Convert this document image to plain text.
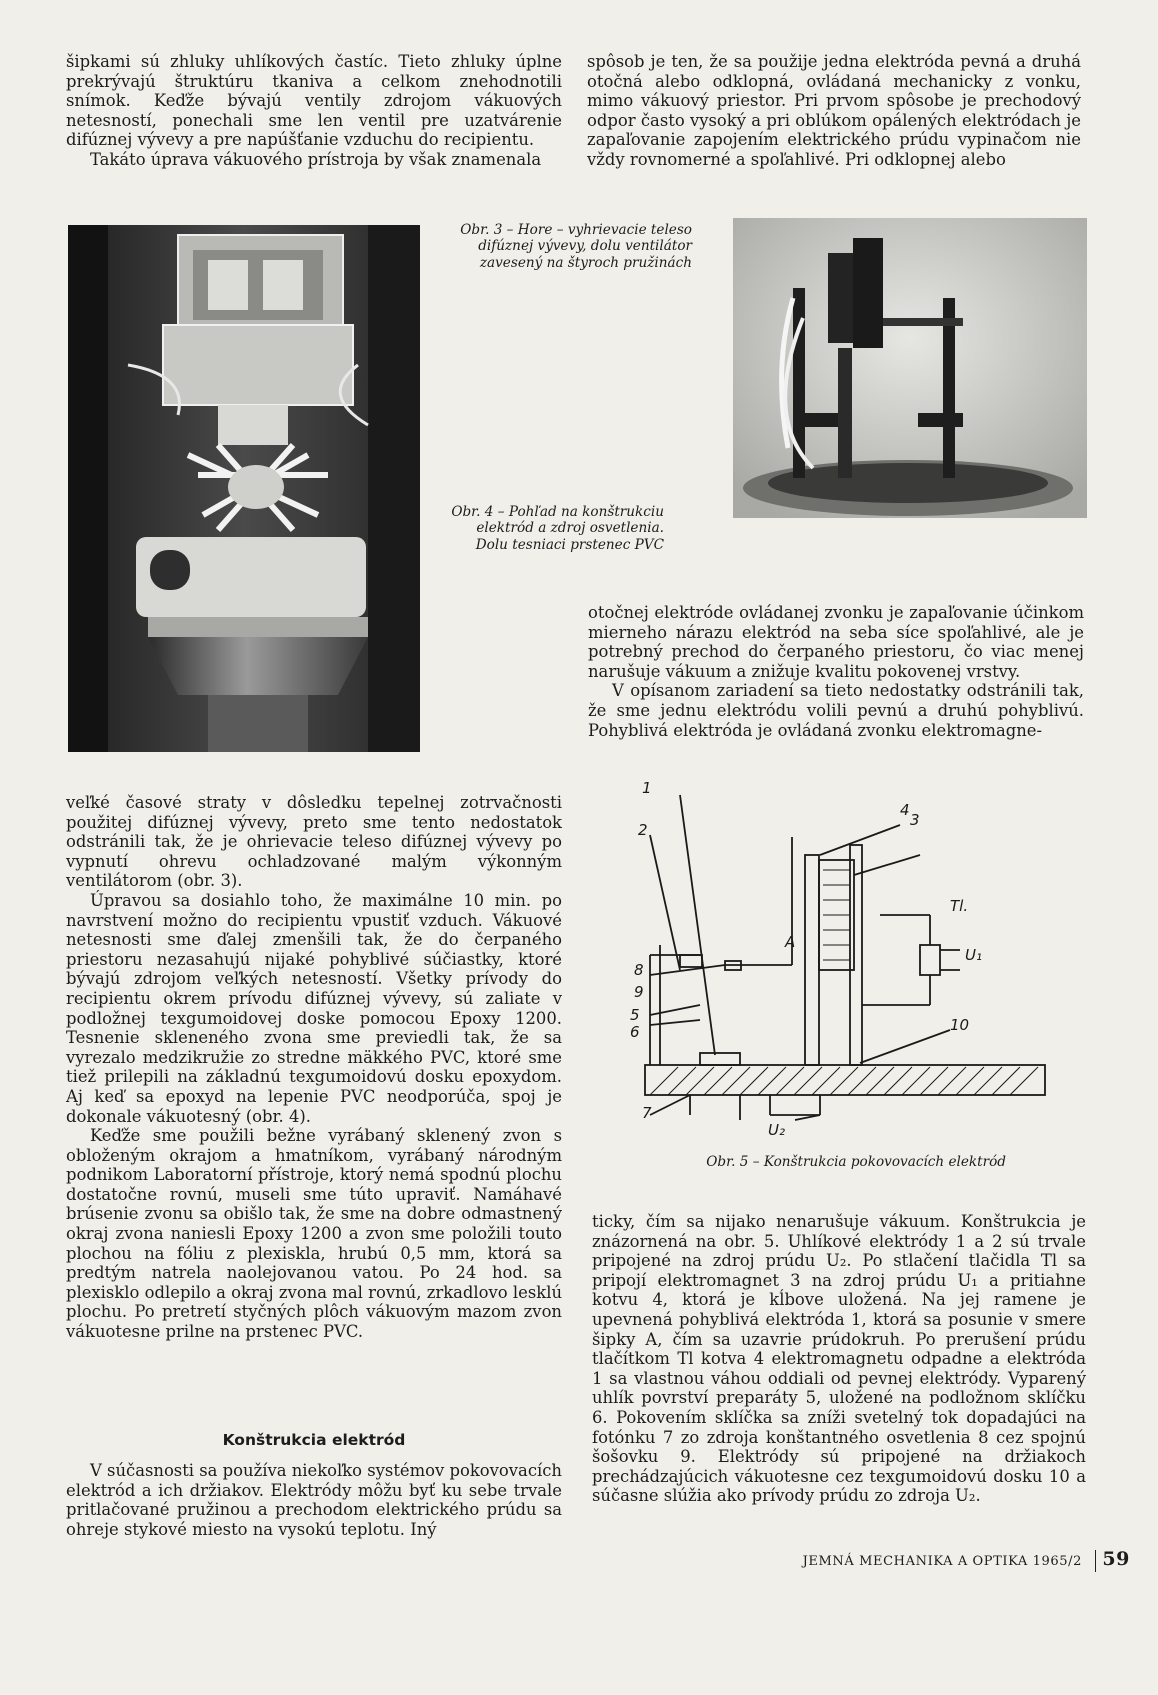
šipkami sú zhluky uhlíkových častíc. Tieto zhluky úplne prekrývajú štruktúru tkaniva a celkom znehodnotili snímok. Keďže bývajú ventily zdrojom vákuových netesností, ponechali sme len ventil pre uzatvárenie difúznej vývevy a pre napúšťanie vzduchu do recipientu.

Takáto úprava vákuového prístroja by však znamenala

spôsob je ten, že sa použije jedna elektróda pevná a druhá otočná alebo odklopná, ovládaná mechanicky z vonku, mimo vákuový priestor. Pri prvom spôsobe je prechodový odpor často vysoký a pri oblúkom opálených elektródach je zapaľovanie zapojením elektrického prúdu vypinačom nie vždy rovnomerné a spoľahlivé. Pri odklopnej alebo

Obr. 3 – Hore – vyhrievacie teleso difúznej vývevy, dolu ventilátor zavesený na štyroch pružinách
Obr. 4 – Pohľad na konštrukciu elektród a zdroj osvetlenia. Dolu tesniaci prstenec PVC

otočnej elektróde ovládanej zvonku je zapaľovanie účinkom mierneho nárazu elektród na seba síce spoľahlivé, ale je potrebný prechod do čerpaného priestoru, čo viac menej narušuje vákuum a znižuje kvalitu pokovenej vrstvy.

V opísanom zariadení sa tieto nedostatky odstránili tak, že sme jednu elektródu volili pevnú a druhú pohyblivú. Pohyblivá elektróda je ovládaná zvonku elektromagne-

veľké časové straty v dôsledku tepelnej zotrvačnosti použitej difúznej vývevy, preto sme tento nedostatok odstránili tak, že je ohrievacie teleso difúznej vývevy po vypnutí ohrevu ochladzované malým výkonným ventilátorom (obr. 3).

Úpravou sa dosiahlo toho, že maximálne 10 min. po navrstvení možno do recipientu vpustiť vzduch. Vákuové netesnosti sme ďalej zmenšili tak, že do čerpaného priestoru nezasahujú nijaké pohyblivé súčiastky, ktoré bývajú zdrojom veľkých netesností. Všetky prívody do recipientu okrem prívodu difúznej vývevy, sú zaliate v podložnej texgumoidovej doske pomocou Epoxy 1200. Tesnenie skleneného zvona sme previedli tak, že sa vyrezalo medzikružie zo stredne mäkkého PVC, ktoré sme tiež prilepili na základnú texgumoidovú dosku epoxydom. Aj keď sa epoxyd na lepenie PVC neodporúča, spoj je dokonale vákuotesný (obr. 4).

Keďže sme použili bežne vyrábaný sklenený zvon s obloženým okrajom a hmatníkom, vyrábaný národným podnikom Laboratorní přístroje, ktorý nemá spodnú plochu dostatočne rovnú, museli sme túto upraviť. Namáhavé brúsenie zvonu sa obišlo tak, že sme na dobre odmastnený okraj zvona naniesli Epoxy 1200 a zvon sme položili touto plochou na fóliu z plexiskla, hrubú 0,5 mm, ktorá sa predtým natrela naolejovanou vatou. Po 24 hod. sa plexisklo odlepilo a okraj zvona mal rovnú, zrkadlovo lesklú plochu. Po pretretí styčných plôch vákuovým mazom zvon vákuotesne prilne na prstenec PVC.

Konštrukcia elektród

V súčasnosti sa používa niekoľko systémov pokovovacích elektród a ich držiakov. Elektródy môžu byť ku sebe trvale pritlačované pružinou a prechodom elektrického prúdu sa ohreje stykové miesto na vysokú teplotu. Iný

1
2
3
4
5
6
7
8
9
10
A
Tl.
U₁
U₂
Obr. 5 – Konštrukcia pokovovacích elektród

ticky, čím sa nijako nenarušuje vákuum. Konštrukcia je znázornená na obr. 5. Uhlíkové elektródy 1 a 2 sú trvale pripojené na zdroj prúdu U₂. Po stlačení tlačidla Tl sa pripojí elektromagnet 3 na zdroj prúdu U₁ a pritiahne kotvu 4, ktorá je kĺbove uložená. Na jej ramene je upevnená pohyblivá elektróda 1, ktorá sa posunie v smere šipky A, čím sa uzavrie prúdokruh. Po prerušení prúdu tlačítkom Tl kotva 4 elektromagnetu odpadne a elektróda 1 sa vlastnou váhou oddiali od pevnej elektródy. Vyparený uhlík povrství preparáty 5, uložené na podložnom sklíčku 6. Pokovením sklíčka sa zníži svetelný tok dopadajúci na fotónku 7 zo zdroja konštantného osvetlenia 8 cez spojnú šošovku 9. Elektródy sú pripojené na držiakoch prechádzajúcich vákuotesne cez texgumoidovú dosku 10 a súčasne slúžia ako prívody prúdu zo zdroja U₂.

JEMNÁ MECHANIKA A OPTIKA 1965/2 59
